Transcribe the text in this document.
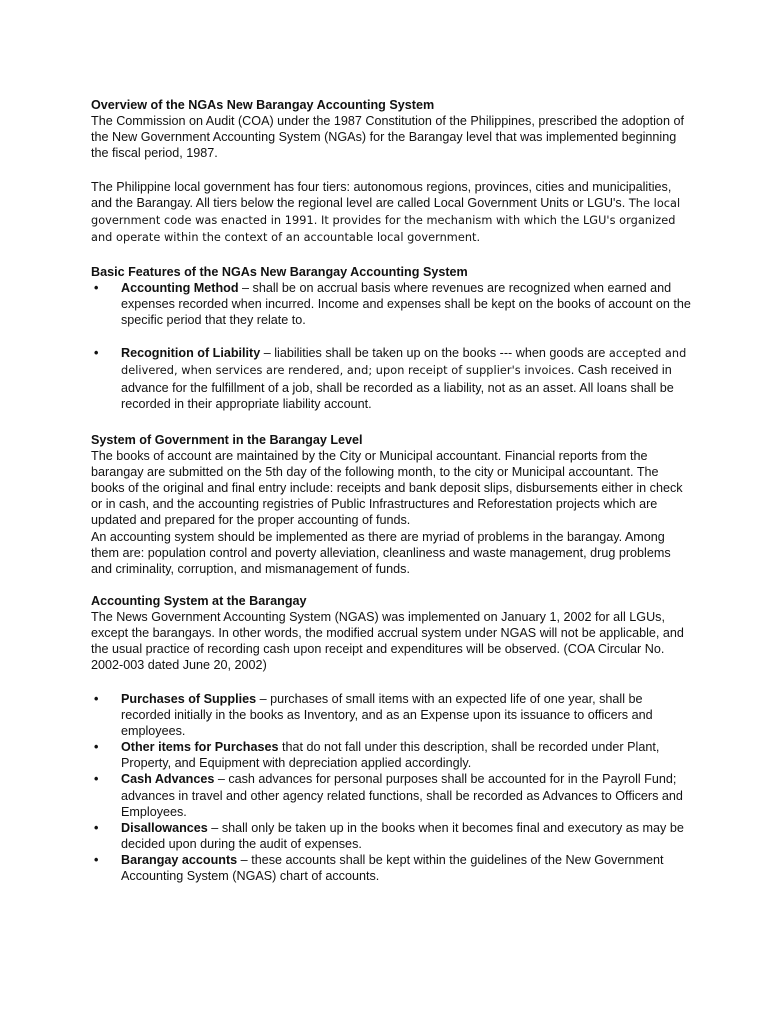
Overview of the NGAs New Barangay Accounting System

The Commission on Audit (COA) under the 1987 Constitution of the Philippines, prescribed the adoption of the New Government Accounting System (NGAs) for the Barangay level that was implemented beginning the fiscal period, 1987.

The Philippine local government has four tiers: autonomous regions, provinces, cities and municipalities, and the Barangay. All tiers below the regional level are called Local Government Units or LGU's. The local government code was enacted in 1991. It provides for the mechanism with which the LGU's organized and operate within the context of an accountable local government.

Basic Features of the NGAs New Barangay Accounting System
• Accounting Method – shall be on accrual basis where revenues are recognized when earned and expenses recorded when incurred. Income and expenses shall be kept on the books of account on the specific period that they relate to.
• Recognition of Liability – liabilities shall be taken up on the books --- when goods are accepted and delivered, when services are rendered, and; upon receipt of supplier's invoices. Cash received in advance for the fulfillment of a job, shall be recorded as a liability, not as an asset. All loans shall be recorded in their appropriate liability account.
System of Government in the Barangay Level

The books of account are maintained by the City or Municipal accountant. Financial reports from the barangay are submitted on the 5th day of the following month, to the city or Municipal accountant. The books of the original and final entry include: receipts and bank deposit slips, disbursements either in check or in cash, and the accounting registries of Public Infrastructures and Reforestation projects which are updated and prepared for the proper accounting of funds.

An accounting system should be implemented as there are myriad of problems in the barangay. Among them are: population control and poverty alleviation, cleanliness and waste management, drug problems and criminality, corruption, and mismanagement of funds.

Accounting System at the Barangay

The News Government Accounting System (NGAS) was implemented on January 1, 2002 for all LGUs, except the barangays. In other words, the modified accrual system under NGAS will not be applicable, and the usual practice of recording cash upon receipt and expenditures will be observed. (COA Circular No. 2002-003 dated June 20, 2002)

• Purchases of Supplies – purchases of small items with an expected life of one year, shall be recorded initially in the books as Inventory, and as an Expense upon its issuance to officers and employees.
• Other items for Purchases that do not fall under this description, shall be recorded under Plant, Property, and Equipment with depreciation applied accordingly.
• Cash Advances – cash advances for personal purposes shall be accounted for in the Payroll Fund; advances in travel and other agency related functions, shall be recorded as Advances to Officers and Employees.
• Disallowances – shall only be taken up in the books when it becomes final and executory as may be decided upon during the audit of expenses.
• Barangay accounts – these accounts shall be kept within the guidelines of the New Government Accounting System (NGAS) chart of accounts.
